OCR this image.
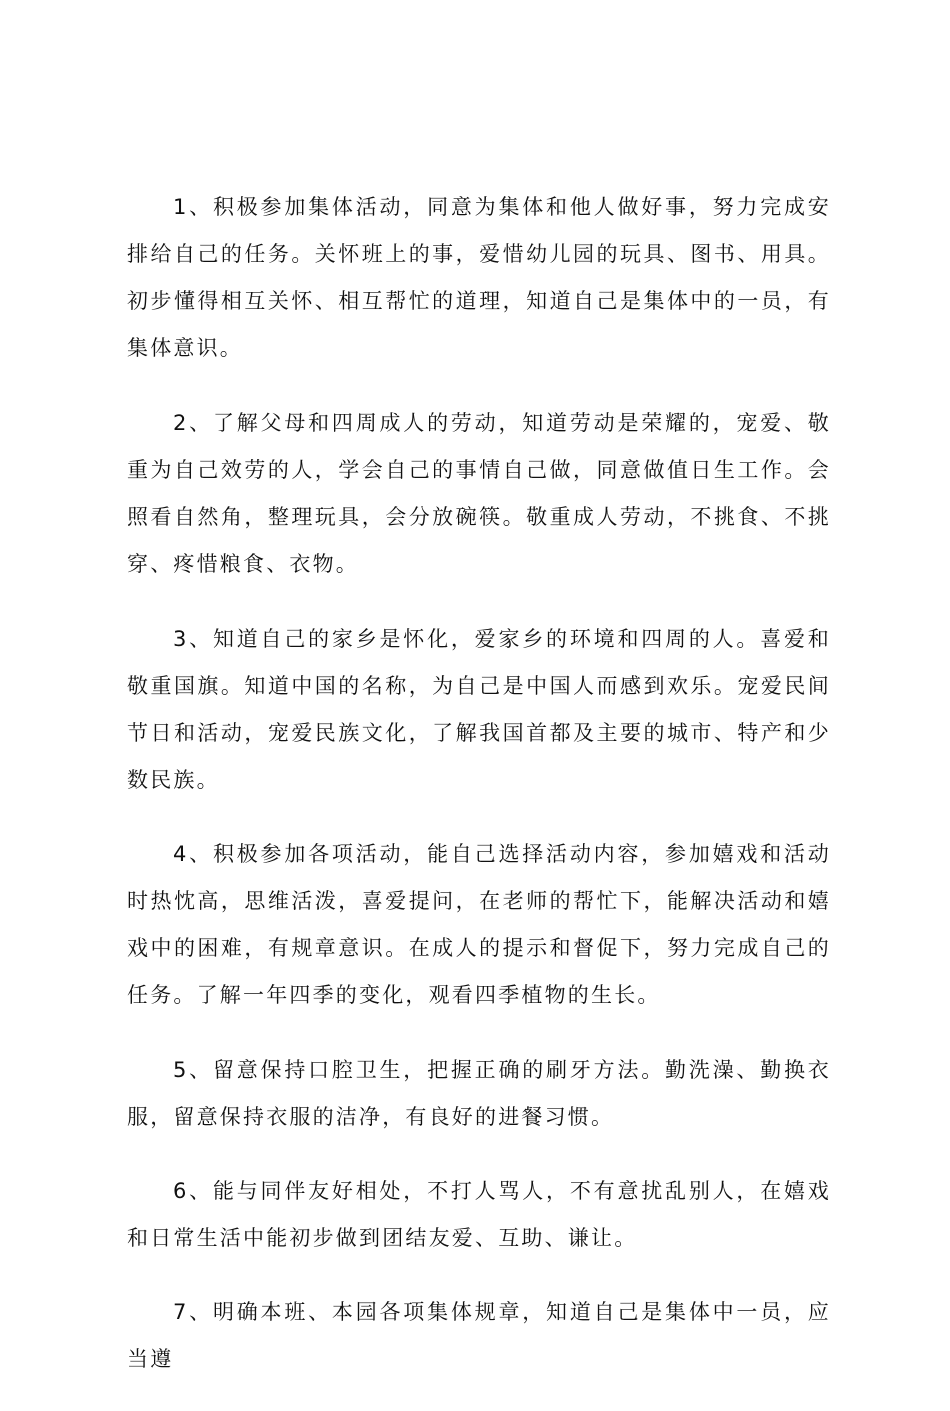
1、积极参加集体活动，同意为集体和他人做好事，努力完成安排给自己的任务。关怀班上的事，爱惜幼儿园的玩具、图书、用具。初步懂得相互关怀、相互帮忙的道理，知道自己是集体中的一员，有集体意识。

2、了解父母和四周成人的劳动，知道劳动是荣耀的，宠爱、敬重为自己效劳的人，学会自己的事情自己做，同意做值日生工作。会照看自然角，整理玩具，会分放碗筷。敬重成人劳动，不挑食、不挑穿、疼惜粮食、衣物。

3、知道自己的家乡是怀化，爱家乡的环境和四周的人。喜爱和敬重国旗。知道中国的名称，为自己是中国人而感到欢乐。宠爱民间节日和活动，宠爱民族文化，了解我国首都及主要的城市、特产和少数民族。

4、积极参加各项活动，能自己选择活动内容，参加嬉戏和活动时热忱高，思维活泼，喜爱提问，在老师的帮忙下，能解决活动和嬉戏中的困难，有规章意识。在成人的提示和督促下，努力完成自己的任务。了解一年四季的变化，观看四季植物的生长。

5、留意保持口腔卫生，把握正确的刷牙方法。勤洗澡、勤换衣服，留意保持衣服的洁净，有良好的进餐习惯。

6、能与同伴友好相处，不打人骂人，不有意扰乱别人，在嬉戏和日常生活中能初步做到团结友爱、互助、谦让。

7、明确本班、本园各项集体规章，知道自己是集体中一员，应当遵
